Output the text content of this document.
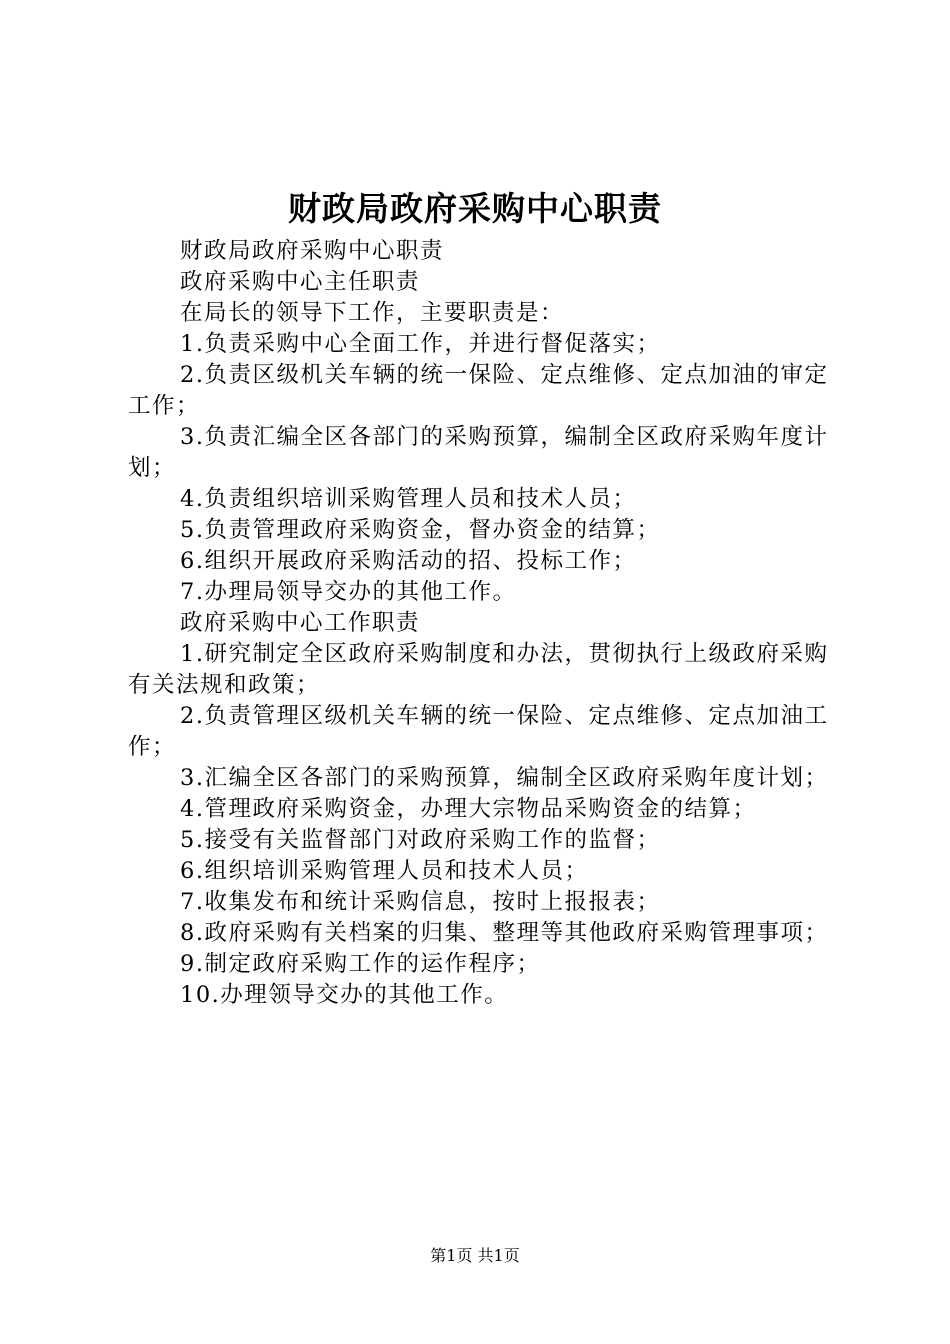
财政局政府采购中心职责

财政局政府采购中心职责

政府采购中心主任职责

在局长的领导下工作，主要职责是：

1.负责采购中心全面工作，并进行督促落实；

2.负责区级机关车辆的统一保险、定点维修、定点加油的审定工作；

3.负责汇编全区各部门的采购预算，编制全区政府采购年度计划；

4.负责组织培训采购管理人员和技术人员；

5.负责管理政府采购资金，督办资金的结算；

6.组织开展政府采购活动的招、投标工作；

7.办理局领导交办的其他工作。

政府采购中心工作职责

1.研究制定全区政府采购制度和办法，贯彻执行上级政府采购有关法规和政策；

2.负责管理区级机关车辆的统一保险、定点维修、定点加油工作；

3.汇编全区各部门的采购预算，编制全区政府采购年度计划；

4.管理政府采购资金，办理大宗物品采购资金的结算；

5.接受有关监督部门对政府采购工作的监督；

6.组织培训采购管理人员和技术人员；

7.收集发布和统计采购信息，按时上报报表；

8.政府采购有关档案的归集、整理等其他政府采购管理事项；

9.制定政府采购工作的运作程序；

10.办理领导交办的其他工作。

第1页 共1页
